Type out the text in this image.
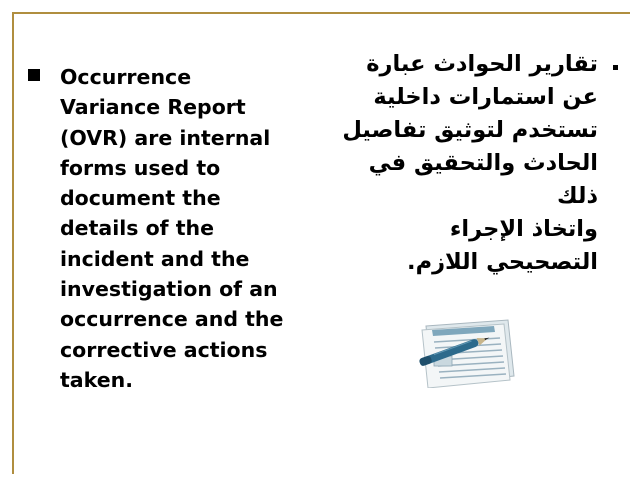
Occurrence
Variance Report
(OVR) are internal
forms used to
document the
details of the
incident and the
investigation of an
occurrence and the
corrective actions
taken.
تقارير الحوادث عبارة
عن استمارات داخلية
تستخدم لتوثيق تفاصيل
الحادث والتحقيق في ذلك
واتخاذ الإجراء
التصحيحي اللازم.
